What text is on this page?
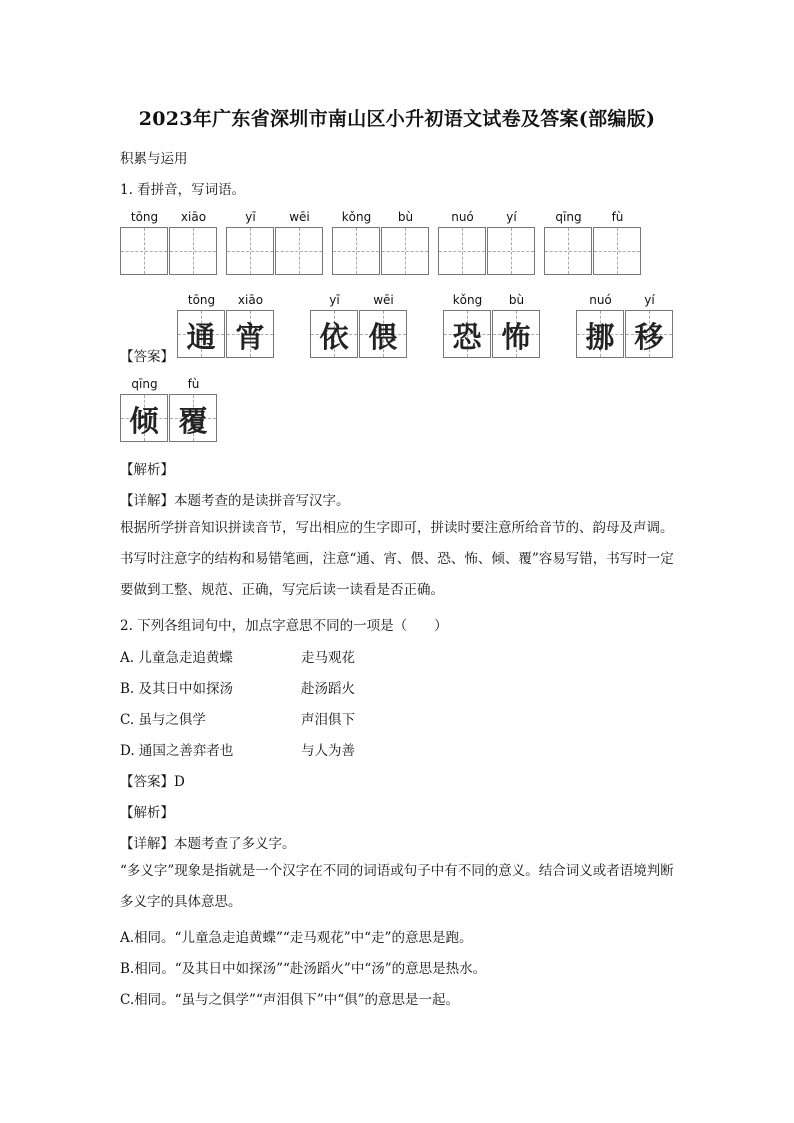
2023年广东省深圳市南山区小升初语文试卷及答案(部编版)
积累与运用
1. 看拼音，写词语。
tōng	xiāo	yī	wēi	kǒng	bù	nuó	yí	qīng	fù
【答案】
tōng	xiāo
通 宵
yī	wēi
依 偎
kǒng	bù
恐 怖
nuó	yí
挪 移
qīng	fù
倾 覆
【解析】
【详解】本题考查的是读拼音写汉字。
根据所学拼音知识拼读音节，写出相应的生字即可，拼读时要注意所给音节的、韵母及声调。书写时注意字的结构和易错笔画，注意“通、宵、偎、恐、怖、倾、覆”容易写错，书写时一定要做到工整、规范、正确，写完后读一读看是否正确。
2. 下列各组词句中，加点字意思不同的一项是（　　）
A. 儿童急走追黄蝶	走马观花
B. 及其日中如探汤	赴汤蹈火
C. 虽与之俱学	声泪俱下
D. 通国之善弈者也	与人为善
【答案】D
【解析】
【详解】本题考查了多义字。
“多义字”现象是指就是一个汉字在不同的词语或句子中有不同的意义。结合词义或者语境判断多义字的具体意思。
A.相同。“儿童急走追黄蝶”“走马观花”中“走”的意思是跑。
B.相同。“及其日中如探汤”“赴汤蹈火”中“汤”的意思是热水。
C.相同。“虽与之俱学”“声泪俱下”中“俱”的意思是一起。
